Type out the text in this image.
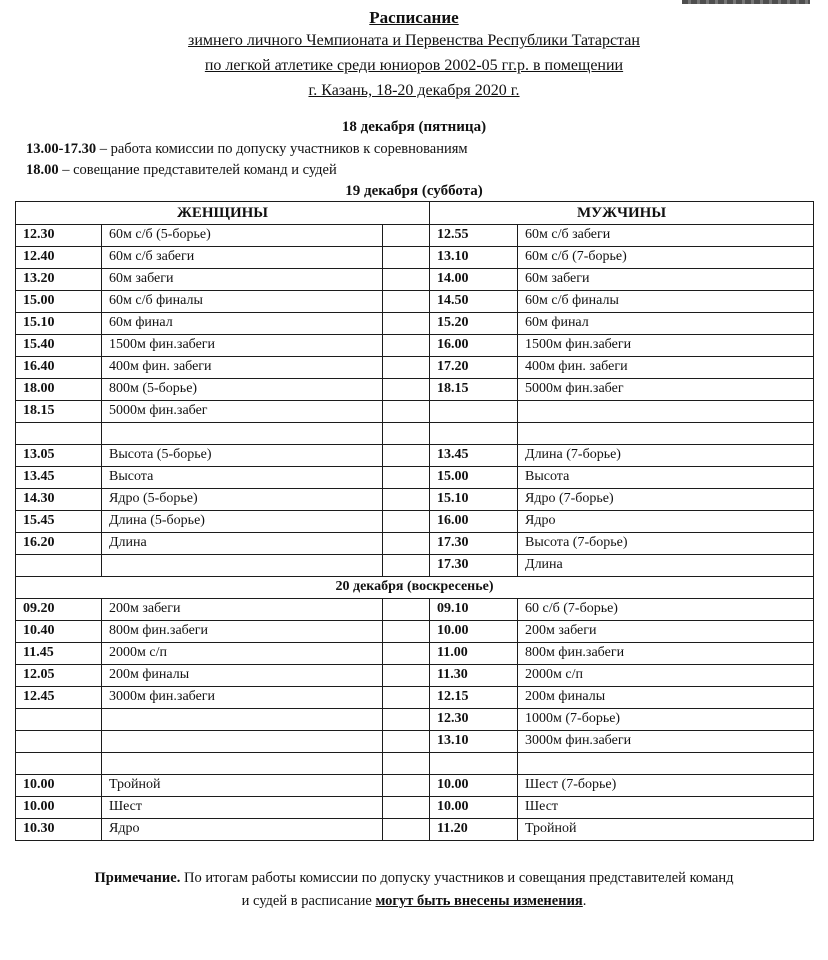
Расписание
зимнего личного Чемпионата и Первенства Республики Татарстан
по легкой атлетике среди юниоров 2002-05 гг.р. в помещении
г. Казань, 18-20 декабря 2020 г.
18 декабря (пятница)
13.00-17.30 – работа комиссии по допуску участников к соревнованиям
18.00 – совещание представителей команд и судей
19 декабря (суббота)
ЖЕНЩИНЫ			МУЖЧИНЫ	
12.30	60м с/б (5-борье)		12.55	60м с/б забеги
12.40	60м с/б забеги		13.10	60м с/б (7-борье)
13.20	60м забеги		14.00	60м забеги
15.00	60м с/б финалы		14.50	60м с/б финалы
15.10	60м финал		15.20	60м финал
15.40	1500м фин.забеги		16.00	1500м фин.забеги
16.40	400м фин. забеги		17.20	400м фин. забеги
18.00	800м (5-борье)		18.15	5000м фин.забег
18.15	5000м фин.забег			

13.05	Высота (5-борье)		13.45	Длина (7-борье)
13.45	Высота		15.00	Высота
14.30	Ядро (5-борье)		15.10	Ядро (7-борье)
15.45	Длина (5-борье)		16.00	Ядро
16.20	Длина		17.30	Высота (7-борье)
			17.30	Длина
20 декабря (воскресенье)				
09.20	200м забеги		09.10	60 с/б (7-борье)
10.40	800м фин.забеги		10.00	200м забеги
11.45	2000м с/п		11.00	800м фин.забеги
12.05	200м финалы		11.30	2000м с/п
12.45	3000м фин.забеги		12.15	200м финалы
			12.30	1000м (7-борье)
			13.10	3000м фин.забеги

10.00	Тройной		10.00	Шест (7-борье)
10.00	Шест		10.00	Шест
10.30	Ядро		11.20	Тройной
Примечание. По итогам работы комиссии по допуску участников и совещания представителей команд и судей в расписание могут быть внесены изменения.
